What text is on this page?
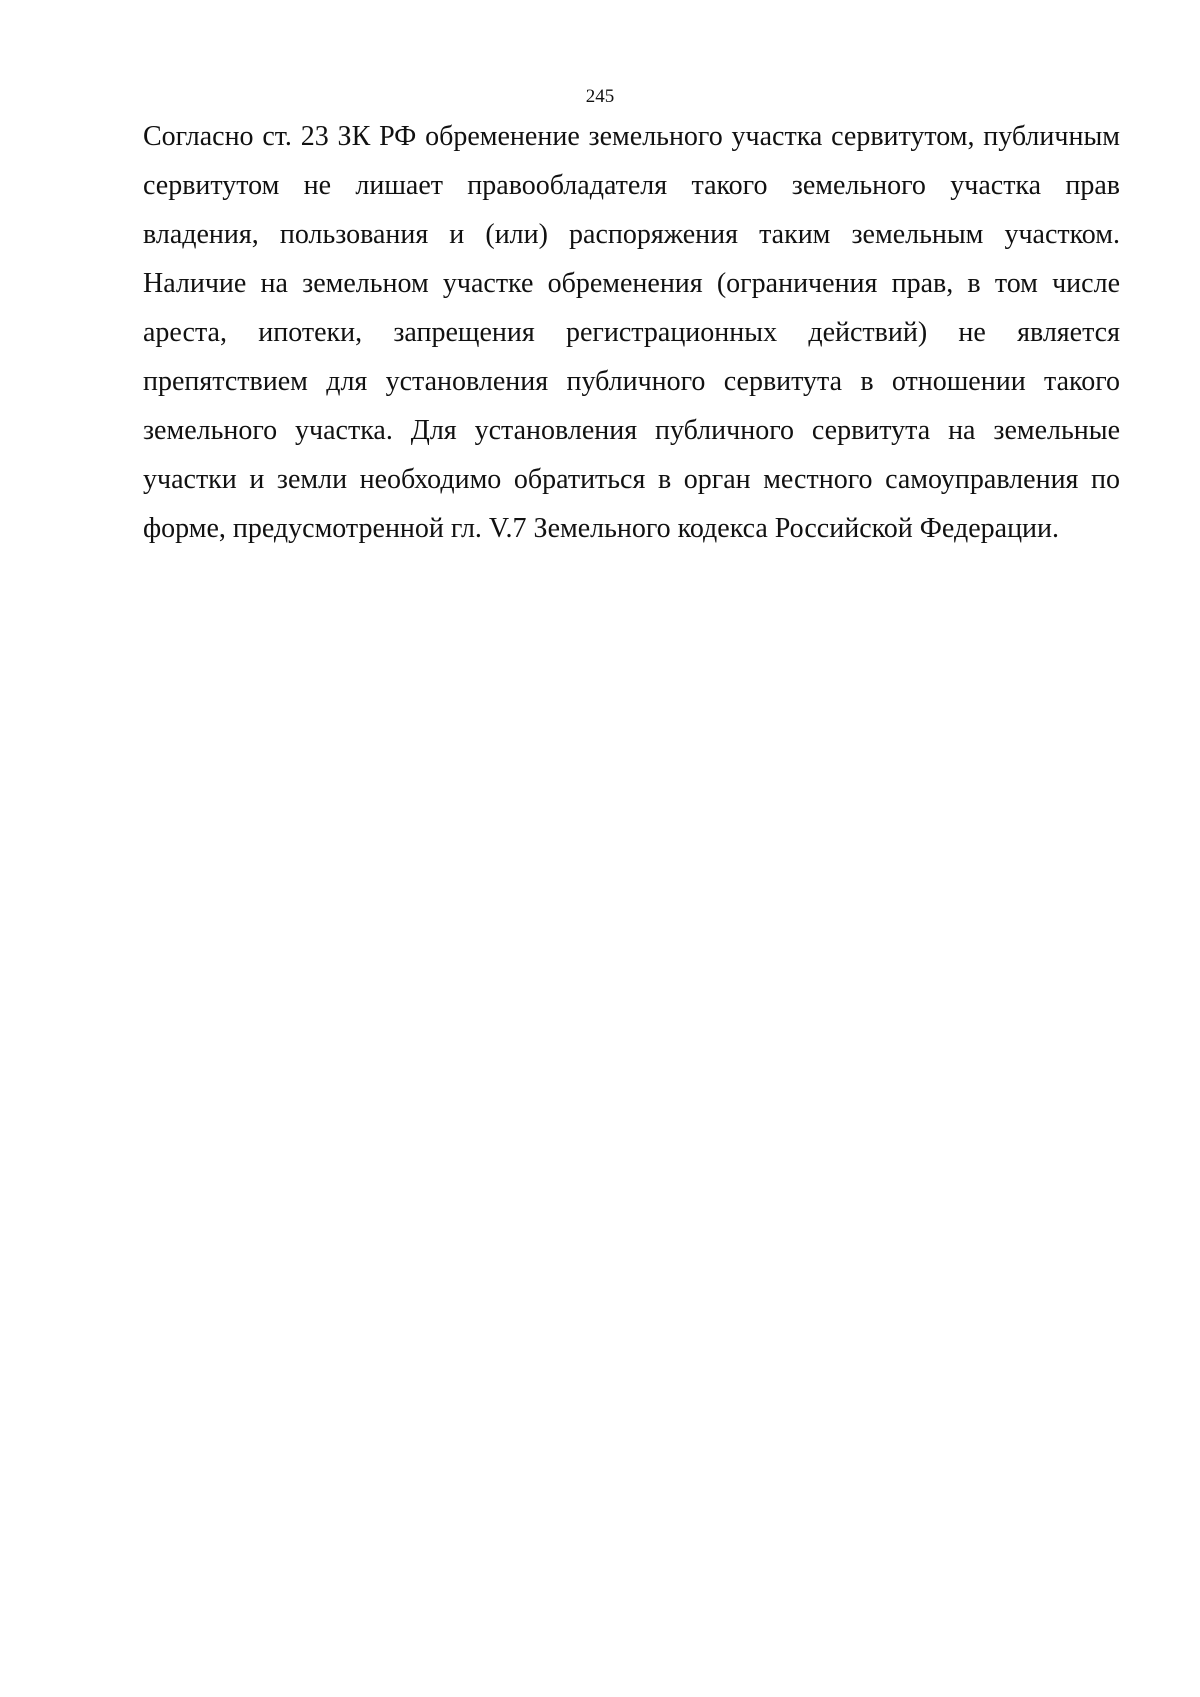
245
Согласно ст. 23 ЗК РФ обременение земельного участка сервитутом, публичным
сервитутом не лишает правообладателя такого земельного участка прав
владения, пользования и (или) распоряжения таким земельным участком.
Наличие на земельном участке обременения (ограничения прав, в том числе
ареста, ипотеки, запрещения регистрационных действий) не является
препятствием для установления публичного сервитута в отношении такого
земельного участка. Для установления публичного сервитута на земельные
участки и земли необходимо обратиться в орган местного самоуправления по
форме, предусмотренной гл. V.7 Земельного кодекса Российской Федерации.
